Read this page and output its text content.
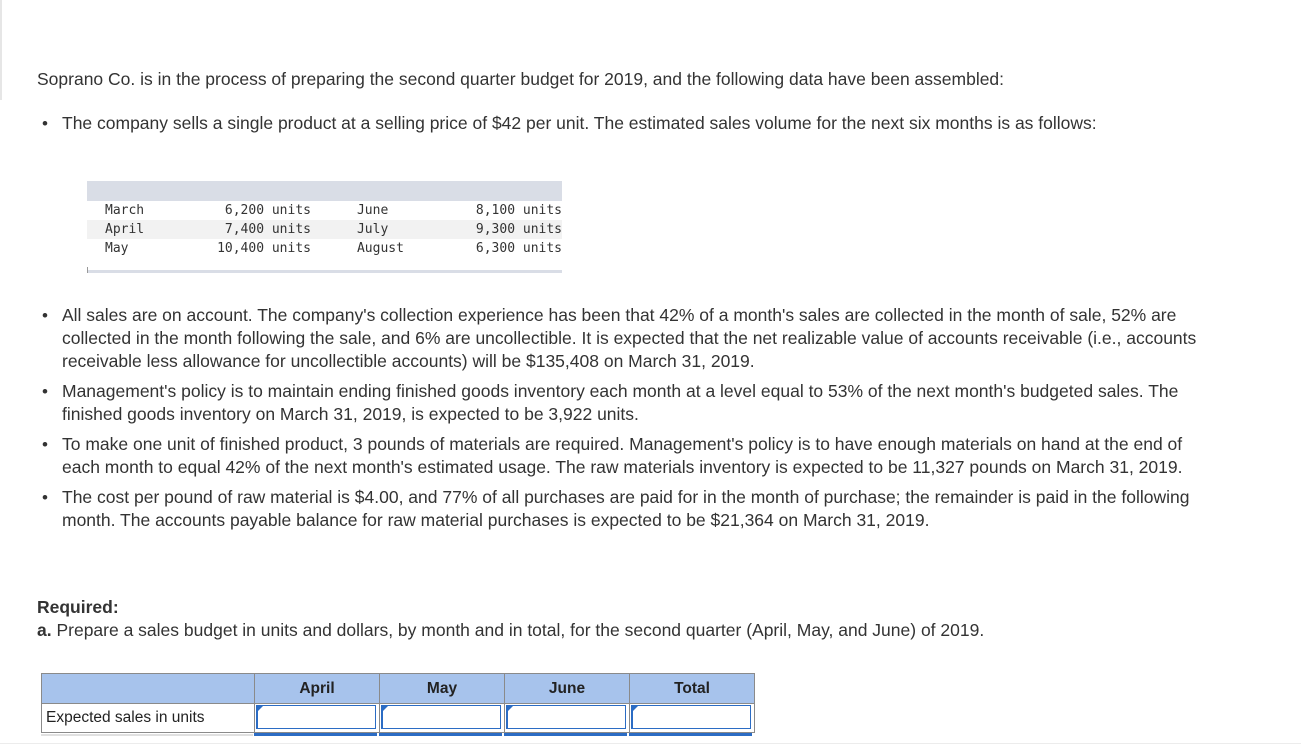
Soprano Co. is in the process of preparing the second quarter budget for 2019, and the following data have been assembled:

• The company sells a single product at a selling price of $42 per unit. The estimated sales volume for the next six months is as follows:
March	6,200 units	June	8,100 units
April	7,400 units	July	9,300 units
May	10,400 units	August	6,300 units
• All sales are on account. The company's collection experience has been that 42% of a month's sales are collected in the month of sale, 52% are collected in the month following the sale, and 6% are uncollectible. It is expected that the net realizable value of accounts receivable (i.e., accounts receivable less allowance for uncollectible accounts) will be $135,408 on March 31, 2019.
• Management's policy is to maintain ending finished goods inventory each month at a level equal to 53% of the next month's budgeted sales. The finished goods inventory on March 31, 2019, is expected to be 3,922 units.
• To make one unit of finished product, 3 pounds of materials are required. Management's policy is to have enough materials on hand at the end of each month to equal 42% of the next month's estimated usage. The raw materials inventory is expected to be 11,327 pounds on March 31, 2019.
• The cost per pound of raw material is $4.00, and 77% of all purchases are paid for in the month of purchase; the remainder is paid in the following month. The accounts payable balance for raw material purchases is expected to be $21,364 on March 31, 2019.
Required:
a. Prepare a sales budget in units and dollars, by month and in total, for the second quarter (April, May, and June) of 2019.
	April	May	June	Total
Expected sales in units	
